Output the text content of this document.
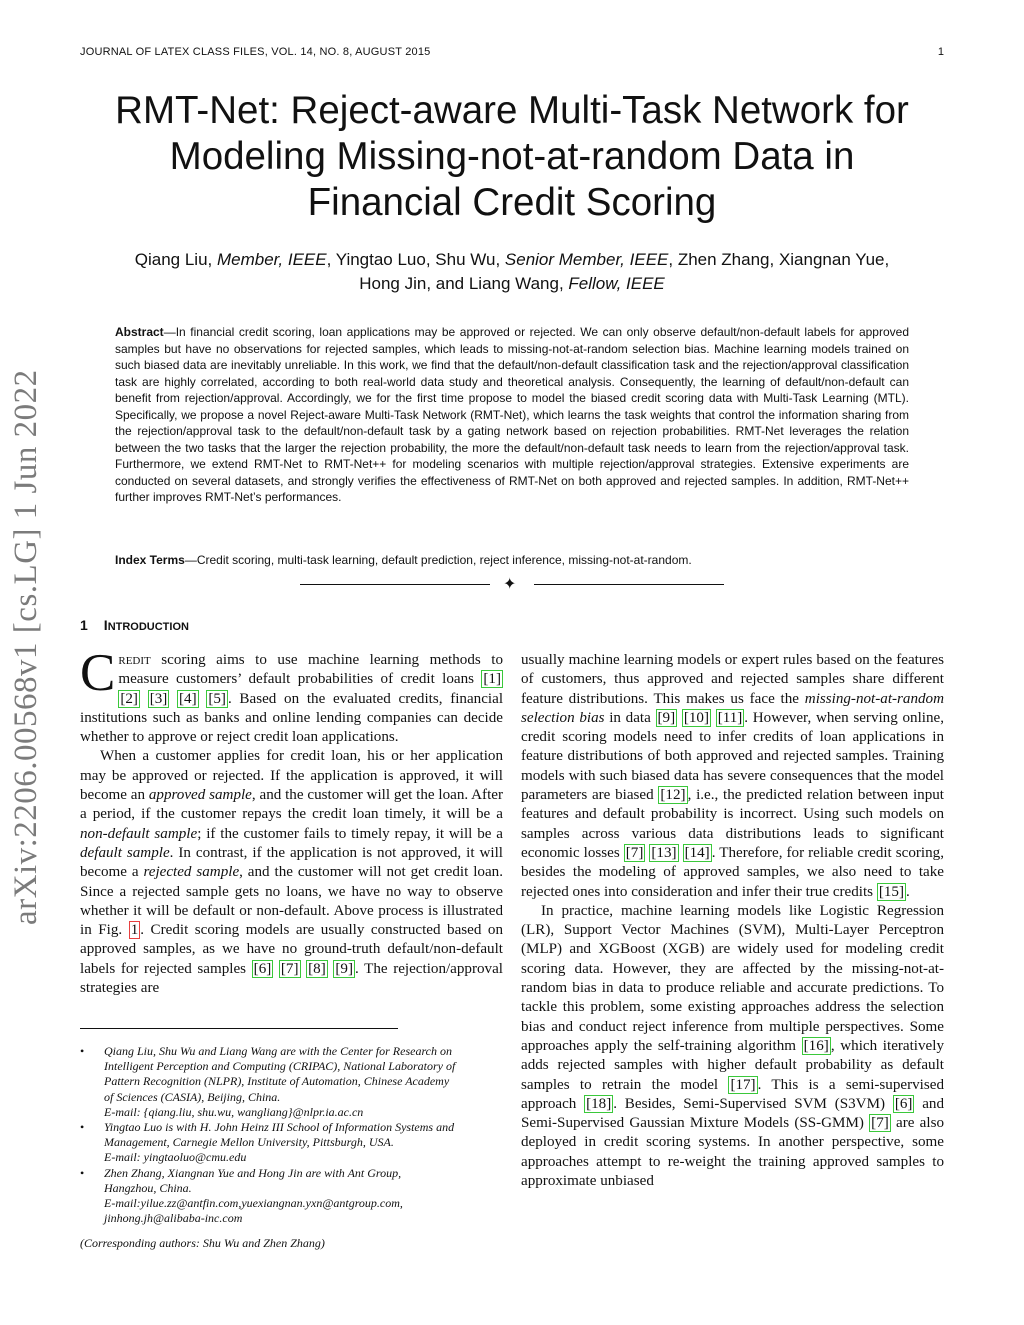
JOURNAL OF LATEX CLASS FILES, VOL. 14, NO. 8, AUGUST 2015	1
arXiv:2206.00568v1 [cs.LG] 1 Jun 2022
RMT-Net: Reject-aware Multi-Task Network for
Modeling Missing-not-at-random Data in
Financial Credit Scoring
Qiang Liu, Member, IEEE, Yingtao Luo, Shu Wu, Senior Member, IEEE, Zhen Zhang, Xiangnan Yue,
Hong Jin, and Liang Wang, Fellow, IEEE
Abstract—In financial credit scoring, loan applications may be approved or rejected. We can only observe default/non-default labels for approved samples but have no observations for rejected samples, which leads to missing-not-at-random selection bias. Machine learning models trained on such biased data are inevitably unreliable. In this work, we find that the default/non-default classification task and the rejection/approval classification task are highly correlated, according to both real-world data study and theoretical analysis. Consequently, the learning of default/non-default can benefit from rejection/approval. Accordingly, we for the first time propose to model the biased credit scoring data with Multi-Task Learning (MTL). Specifically, we propose a novel Reject-aware Multi-Task Network (RMT-Net), which learns the task weights that control the information sharing from the rejection/approval task to the default/non-default task by a gating network based on rejection probabilities. RMT-Net leverages the relation between the two tasks that the larger the rejection probability, the more the default/non-default task needs to learn from the rejection/approval task. Furthermore, we extend RMT-Net to RMT-Net++ for modeling scenarios with multiple rejection/approval strategies. Extensive experiments are conducted on several datasets, and strongly verifies the effectiveness of RMT-Net on both approved and rejected samples. In addition, RMT-Net++ further improves RMT-Net’s performances.
Index Terms—Credit scoring, multi-task learning, default prediction, reject inference, missing-not-at-random.
✦
1 INTRODUCTION

Credit scoring aims to use machine learning methods to measure customers’ default probabilities of credit loans [1] [2] [3] [4] [5] . Based on the evaluated credits, financial institutions such as banks and online lending companies can decide whether to approve or reject credit loan applications.

When a customer applies for credit loan, his or her application may be approved or rejected. If the application is approved, it will become an approved sample, and the customer will get the loan. After a period, if the customer repays the credit loan timely, it will be a non-default sample; if the customer fails to timely repay, it will be a default sample. In contrast, if the application is not approved, it will become a rejected sample, and the customer will not get credit loan. Since a rejected sample gets no loans, we have no way to observe whether it will be default or non-default. Above process is illustrated in Fig. 1 . Credit scoring models are usually constructed based on approved samples, as we have no ground-truth default/non-default labels for rejected samples [6] [7] [8] [9] . The rejection/approval strategies are

• Qiang Liu, Shu Wu and Liang Wang are with the Center for Research on
Intelligent Perception and Computing (CRIPAC), National Laboratory of
Pattern Recognition (NLPR), Institute of Automation, Chinese Academy
of Sciences (CASIA), Beijing, China.
E-mail: {qiang.liu, shu.wu, wangliang}@nlpr.ia.ac.cn
• Yingtao Luo is with H. John Heinz III School of Information Systems and
Management, Carnegie Mellon University, Pittsburgh, USA.
E-mail: yingtaoluo@cmu.edu
• Zhen Zhang, Xiangnan Yue and Hong Jin are with Ant Group,
Hangzhou, China.
E-mail:yilue.zz@antfin.com,yuexiangnan.yxn@antgroup.com,
jinhong.jh@alibaba-inc.com
(Corresponding authors: Shu Wu and Zhen Zhang)

usually machine learning models or expert rules based on the features of customers, thus approved and rejected samples share different feature distributions. This makes us face the missing-not-at-random selection bias in data [9] [10] [11] . However, when serving online, credit scoring models need to infer credits of loan applications in feature distributions of both approved and rejected samples. Training models with such biased data has severe consequences that the model parameters are biased [12] , i.e., the predicted relation between input features and default probability is incorrect. Using such models on samples across various data distributions leads to significant economic losses [7] [13] [14] . Therefore, for reliable credit scoring, besides the modeling of approved samples, we also need to take rejected ones into consideration and infer their true credits [15] .

In practice, machine learning models like Logistic Regression (LR), Support Vector Machines (SVM), Multi-Layer Perceptron (MLP) and XGBoost (XGB) are widely used for modeling credit scoring data. However, they are affected by the missing-not-at-random bias in data to produce reliable and accurate predictions. To tackle this problem, some existing approaches address the selection bias and conduct reject inference from multiple perspectives. Some approaches apply the self-training algorithm [16] , which iteratively adds rejected samples with higher default probability as default samples to retrain the model [17] . This is a semi-supervised approach [18] . Besides, Semi-Supervised SVM (S3VM) [6] and Semi-Supervised Gaussian Mixture Models (SS-GMM) [7] are also deployed in credit scoring systems. In another perspective, some approaches attempt to re-weight the training approved samples to approximate unbiased
